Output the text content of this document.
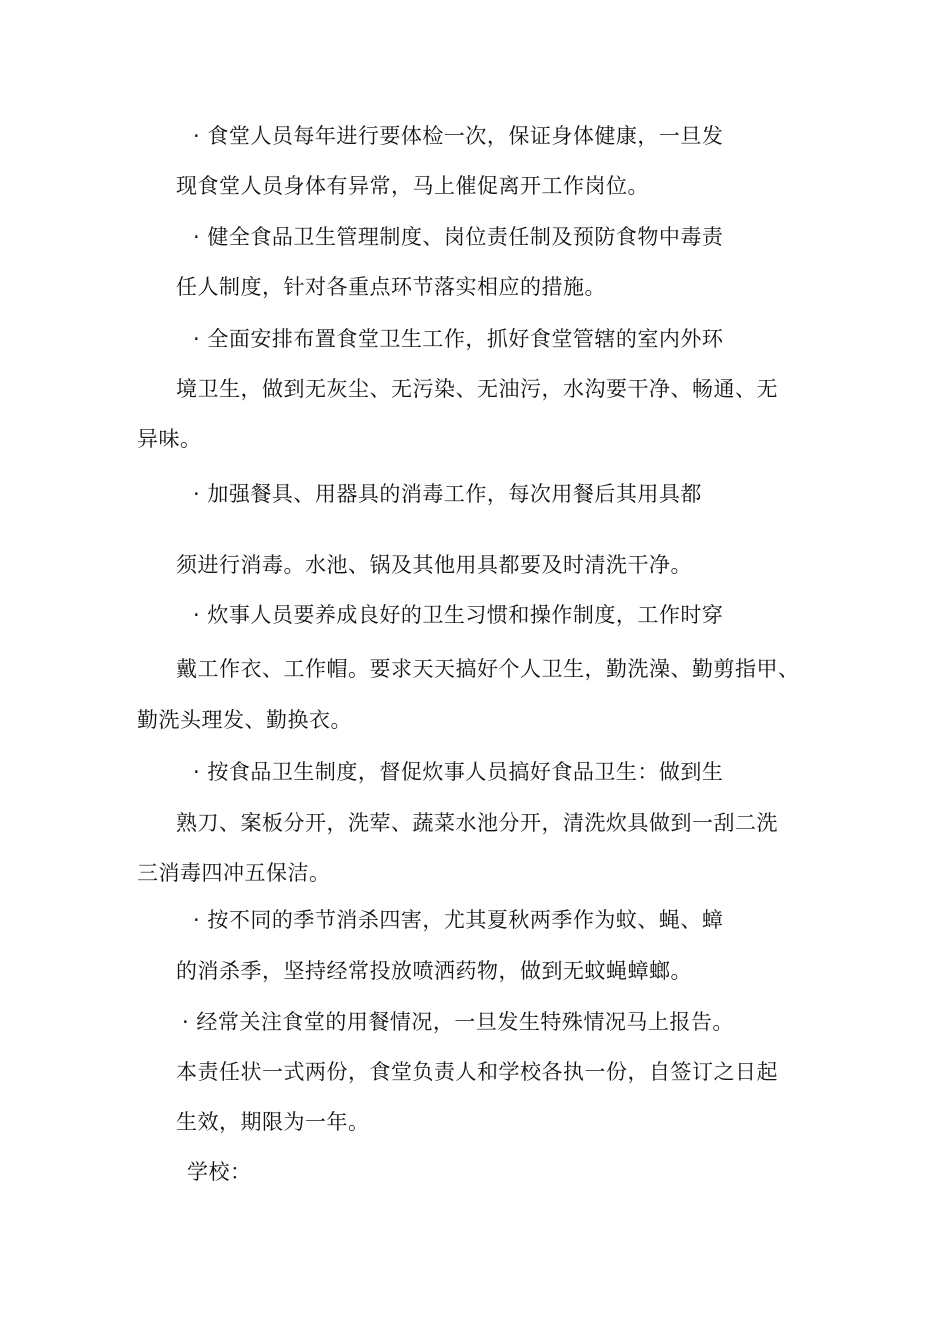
· 食堂人员每年进行要体检一次，保证身体健康，一旦发
现食堂人员身体有异常，马上催促离开工作岗位。
· 健全食品卫生管理制度、岗位责任制及预防食物中毒责
任人制度，针对各重点环节落实相应的措施。
· 全面安排布置食堂卫生工作，抓好食堂管辖的室内外环
境卫生，做到无灰尘、无污染、无油污，水沟要干净、畅通、无
异味。
· 加强餐具、用器具的消毒工作，每次用餐后其用具都
须进行消毒。水池、锅及其他用具都要及时清洗干净。
· 炊事人员要养成良好的卫生习惯和操作制度，工作时穿
戴工作衣、工作帽。要求天天搞好个人卫生，勤洗澡、勤剪指甲、
勤洗头理发、勤换衣。
· 按食品卫生制度，督促炊事人员搞好食品卫生：做到生
熟刀、案板分开，洗荤、蔬菜水池分开，清洗炊具做到一刮二洗
三消毒四冲五保洁。
· 按不同的季节消杀四害，尤其夏秋两季作为蚊、蝇、蟑
的消杀季，坚持经常投放喷洒药物，做到无蚊蝇蟑螂。
· 经常关注食堂的用餐情况，一旦发生特殊情况马上报告。
本责任状一式两份，食堂负责人和学校各执一份，自签订之日起
生效，期限为一年。
学校：
